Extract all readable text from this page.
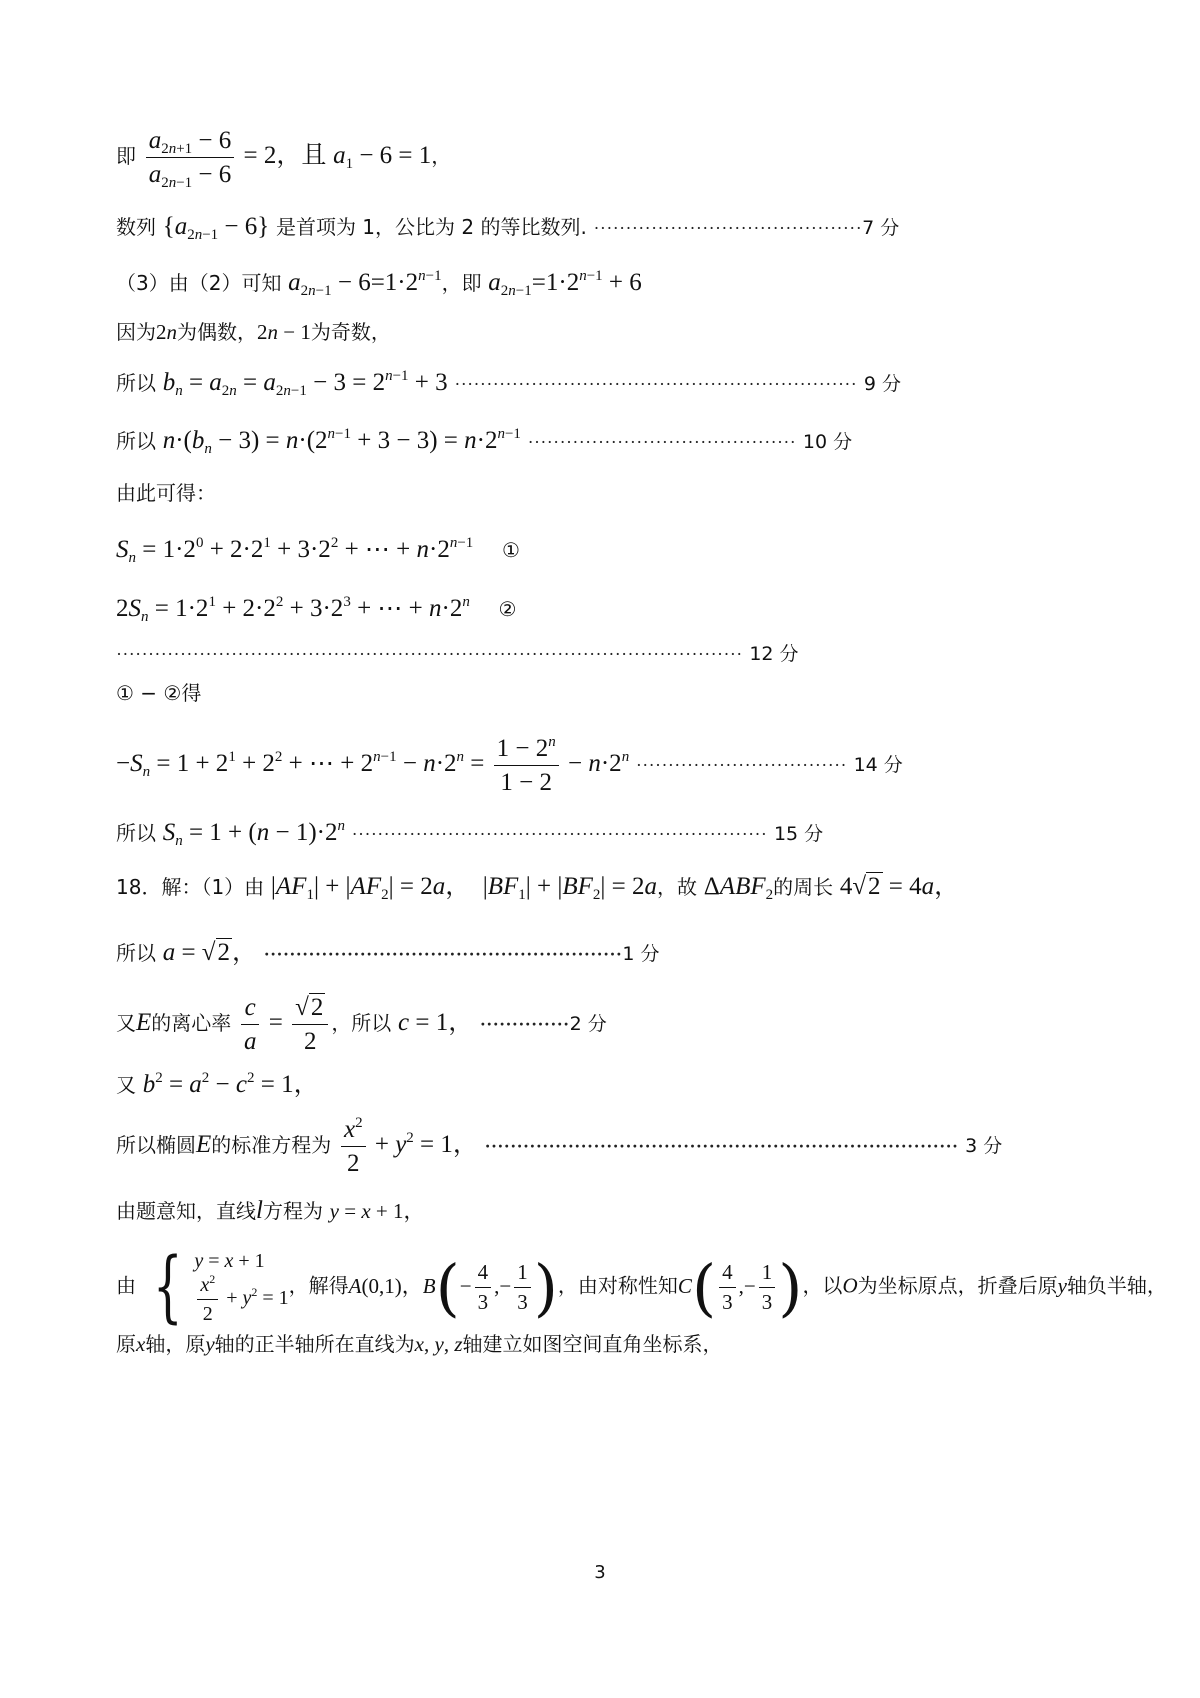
即 $\frac{a_{2n+1} - 6}{a_{2n-1} - 6} = 2$，且 $a_1 - 6 = 1$，
数列 $\{a_{2n-1} - 6\}$ 是首项为 1，公比为 2 的等比数列. ··········································7 分
（3）由（2）可知 $a_{2n-1} - 6=1\cdot 2^{n-1}$，即 $a_{2n-1}=1\cdot 2^{n-1} + 6$
因为2n为偶数，2n − 1为奇数，
所以 $b_n = a_{2n} = a_{2n-1} - 3 = 2^{n-1} + 3$ ······························································· 9 分
所以 $n\cdot(b_n - 3) = n\cdot(2^{n-1} + 3 - 3) = n\cdot 2^{n-1}$ ·········································· 10 分
由此可得：
$S_n = 1\cdot 2^0 + 2\cdot 2^1 + 3\cdot 2^2$ + ⋯ + $n\cdot 2^{n-1}$ ①
$2S_n = 1\cdot 2^1 + 2\cdot 2^2 + 3\cdot 2^3$ + ⋯ + $n\cdot 2^n$ ②
·································································································· 12 分
① − ②得
$-S_n = 1 + 2^1 + 2^2$ + ⋯ + $2^{n-1} - n\cdot 2^n = \frac{1 - 2^n}{1 - 2} - n\cdot 2^n$ ································· 14 分
所以 $S_n = 1 + (n - 1)\cdot 2^n$ ································································· 15 分
18．解：（1）由 $|AF_1| + |AF_2| = 2a$，  $|BF_1| + |BF_2| = 2a$，故 $\Delta ABF_2$的周长 4√2 = 4a，
所以 a = √2， ························································1 分
又E的离心率 $\frac{c}{a} = \frac{√2}{2}$ ，所以 c = 1， ··············2 分
又 $b^2 = a^2 - c^2 = 1$，
所以椭圆E的标准方程为 $\frac{x^2}{2} + y^2 = 1$， ·········································································· 3 分
由题意知，直线l方程为 y = x + 1，
由 { y = x + 1
$\frac{x^2}{2} + y^2 = 1$
，解得A(0,1)，$B(- \frac{4}{3}$ ,− $\frac{1}{3}$ )，由对称性知$C( \frac{4}{3}$ ,− $\frac{1}{3}$ )，以O为坐标原点，折叠后原y轴负半轴，
原x轴，原y轴的正半轴所在直线为x, y, z轴建立如图空间直角坐标系，
3
